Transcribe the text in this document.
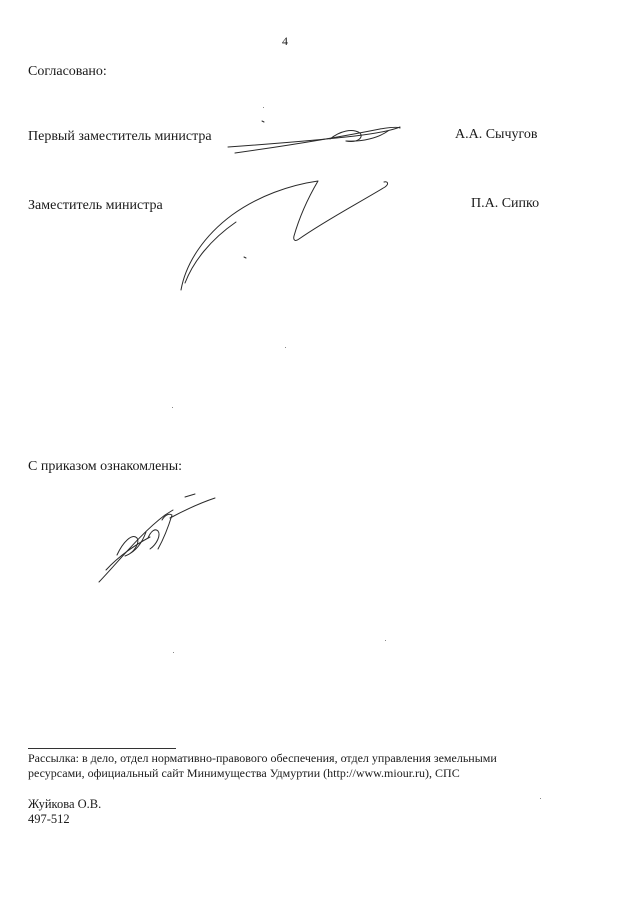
4
Согласовано:
Первый заместитель министра	А.А. Сычугов
Заместитель министра	П.А. Сипко
С приказом ознакомлены:
Рассылка: в дело, отдел нормативно-правового обеспечения, отдел управления земельными
ресурсами, официальный сайт Минимущества Удмуртии (http://www.miour.ru), СПС
Жуйкова О.В.
497-512
